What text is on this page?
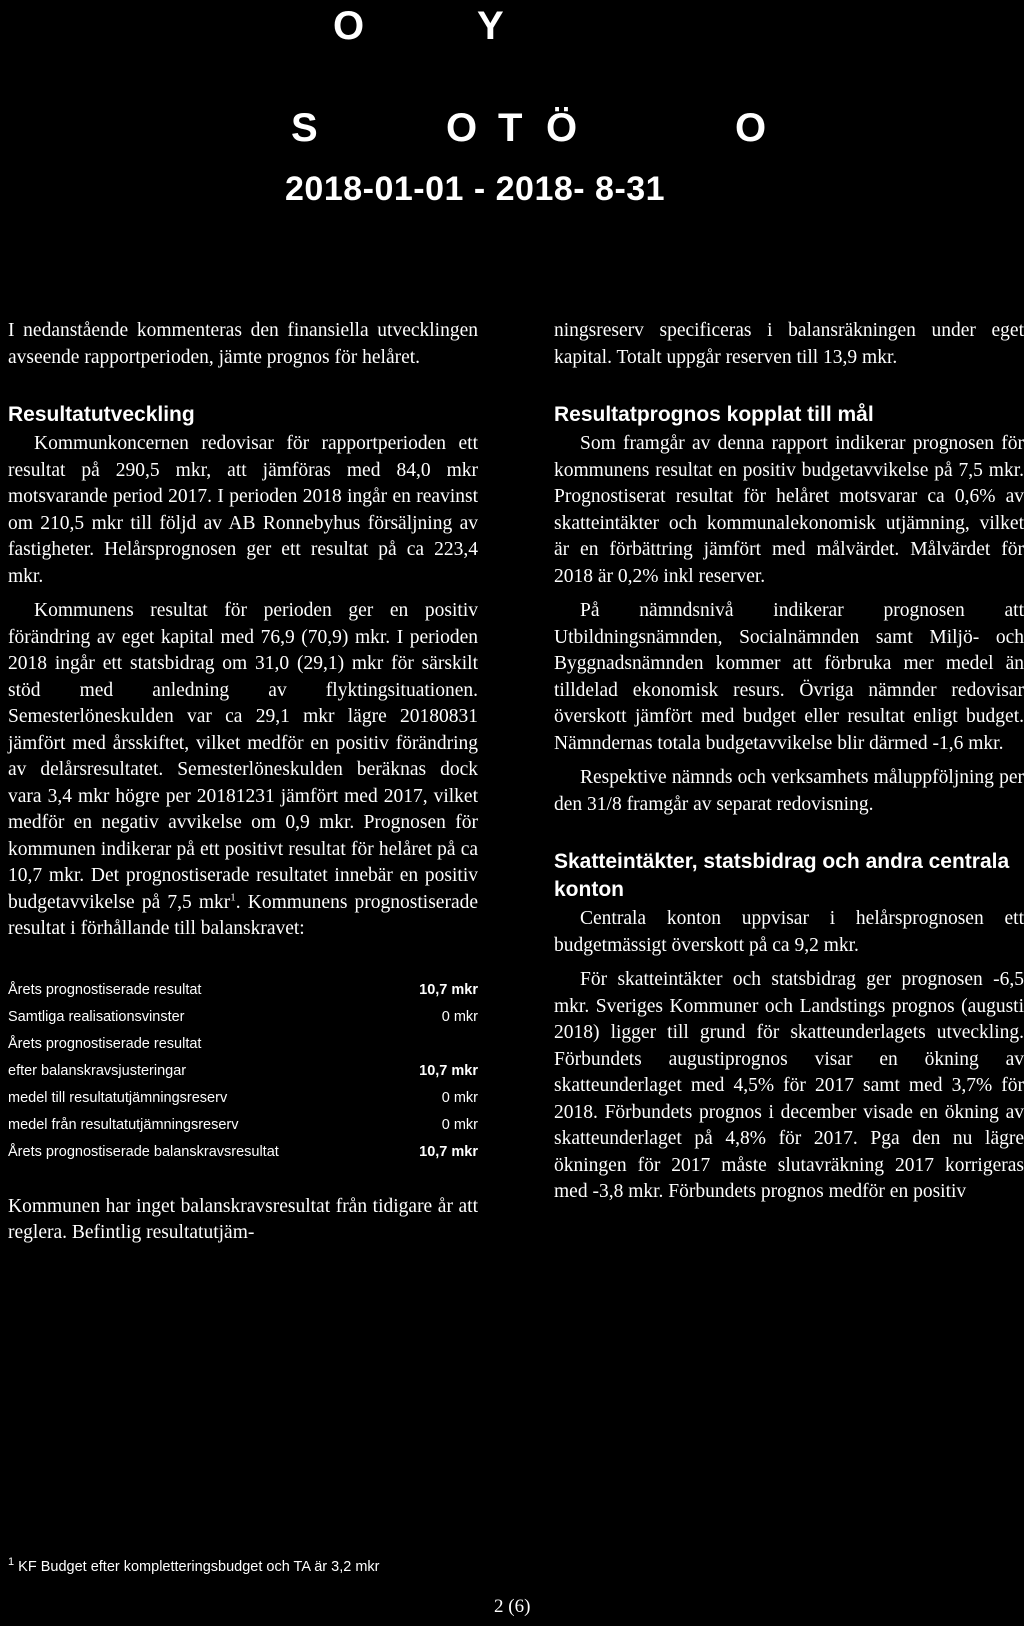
O	Y
S	O T Ö	O
2018-01-01 - 2018- 8-31

I nedanstående kommenteras den finansiella utvecklingen avseende rapportperioden, jämte prognos för helåret.

Resultatutveckling

Kommunkoncernen redovisar för rapportperioden ett resultat på 290,5 mkr, att jämföras med 84,0 mkr motsvarande period 2017. I perioden 2018 ingår en reavinst om 210,5 mkr till följd av AB Ronnebyhus försäljning av fastigheter. Helårsprognosen ger ett resultat på ca 223,4 mkr.

Kommunens resultat för perioden ger en positiv förändring av eget kapital med 76,9 (70,9) mkr. I perioden 2018 ingår ett statsbidrag om 31,0 (29,1) mkr för särskilt stöd med anledning av flyktingsituationen. Semesterlöneskulden var ca 29,1 mkr lägre 20180831 jämfört med årsskiftet, vilket medför en positiv förändring av delårsresultatet. Semesterlöneskulden beräknas dock vara 3,4 mkr högre per 20181231 jämfört med 2017, vilket medför en negativ avvikelse om 0,9 mkr. Prognosen för kommunen indikerar på ett positivt resultat för helåret på ca 10,7 mkr. Det prognostiserade resultatet innebär en positiv budgetavvikelse på 7,5 mkr$^1$. Kommunens prognostiserade resultat i förhållande till balanskravet:

Årets prognostiserade resultat	10,7 mkr
Samtliga realisationsvinster	0 mkr
Årets prognostiserade resultat	
efter balanskravsjusteringar	10,7 mkr
medel till resultatutjämningsreserv	0 mkr
medel från resultatutjämningsreserv	0 mkr
Årets prognostiserade balanskravsresultat	10,7 mkr

Kommunen har inget balanskravsresultat från tidigare år att reglera. Befintlig resultatutjäm-

ningsreserv specificeras i balansräkningen under eget kapital. Totalt uppgår reserven till 13,9 mkr.

Resultatprognos kopplat till mål

Som framgår av denna rapport indikerar prognosen för kommunens resultat en positiv budgetavvikelse på 7,5 mkr. Prognostiserat resultat för helåret motsvarar ca 0,6% av skatteintäkter och kommunalekonomisk utjämning, vilket är en förbättring jämfört med målvärdet. Målvärdet för 2018 är 0,2% inkl reserver.

På nämndsnivå indikerar prognosen att Utbildningsnämnden, Socialnämnden samt Miljö- och Byggnadsnämnden kommer att förbruka mer medel än tilldelad ekonomisk resurs. Övriga nämnder redovisar överskott jämfört med budget eller resultat enligt budget. Nämndernas totala budgetavvikelse blir därmed -1,6 mkr.

Respektive nämnds och verksamhets måluppföljning per den 31/8 framgår av separat redovisning.

Skatteintäkter, statsbidrag och andra centrala konton

Centrala konton uppvisar i helårsprognosen ett budgetmässigt överskott på ca 9,2 mkr.

För skatteintäkter och statsbidrag ger prognosen -6,5 mkr. Sveriges Kommuner och Landstings prognos (augusti 2018) ligger till grund för skatteunderlagets utveckling. Förbundets augustiprognos visar en ökning av skatteunderlaget med 4,5% för 2017 samt med 3,7% för 2018. Förbundets prognos i december visade en ökning av skatteunderlaget på 4,8% för 2017. Pga den nu lägre ökningen för 2017 måste slutavräkning 2017 korrigeras med -3,8 mkr. Förbundets prognos medför en positiv

$^1$ KF Budget efter kompletteringsbudget och TA är 3,2 mkr
2 (6)
